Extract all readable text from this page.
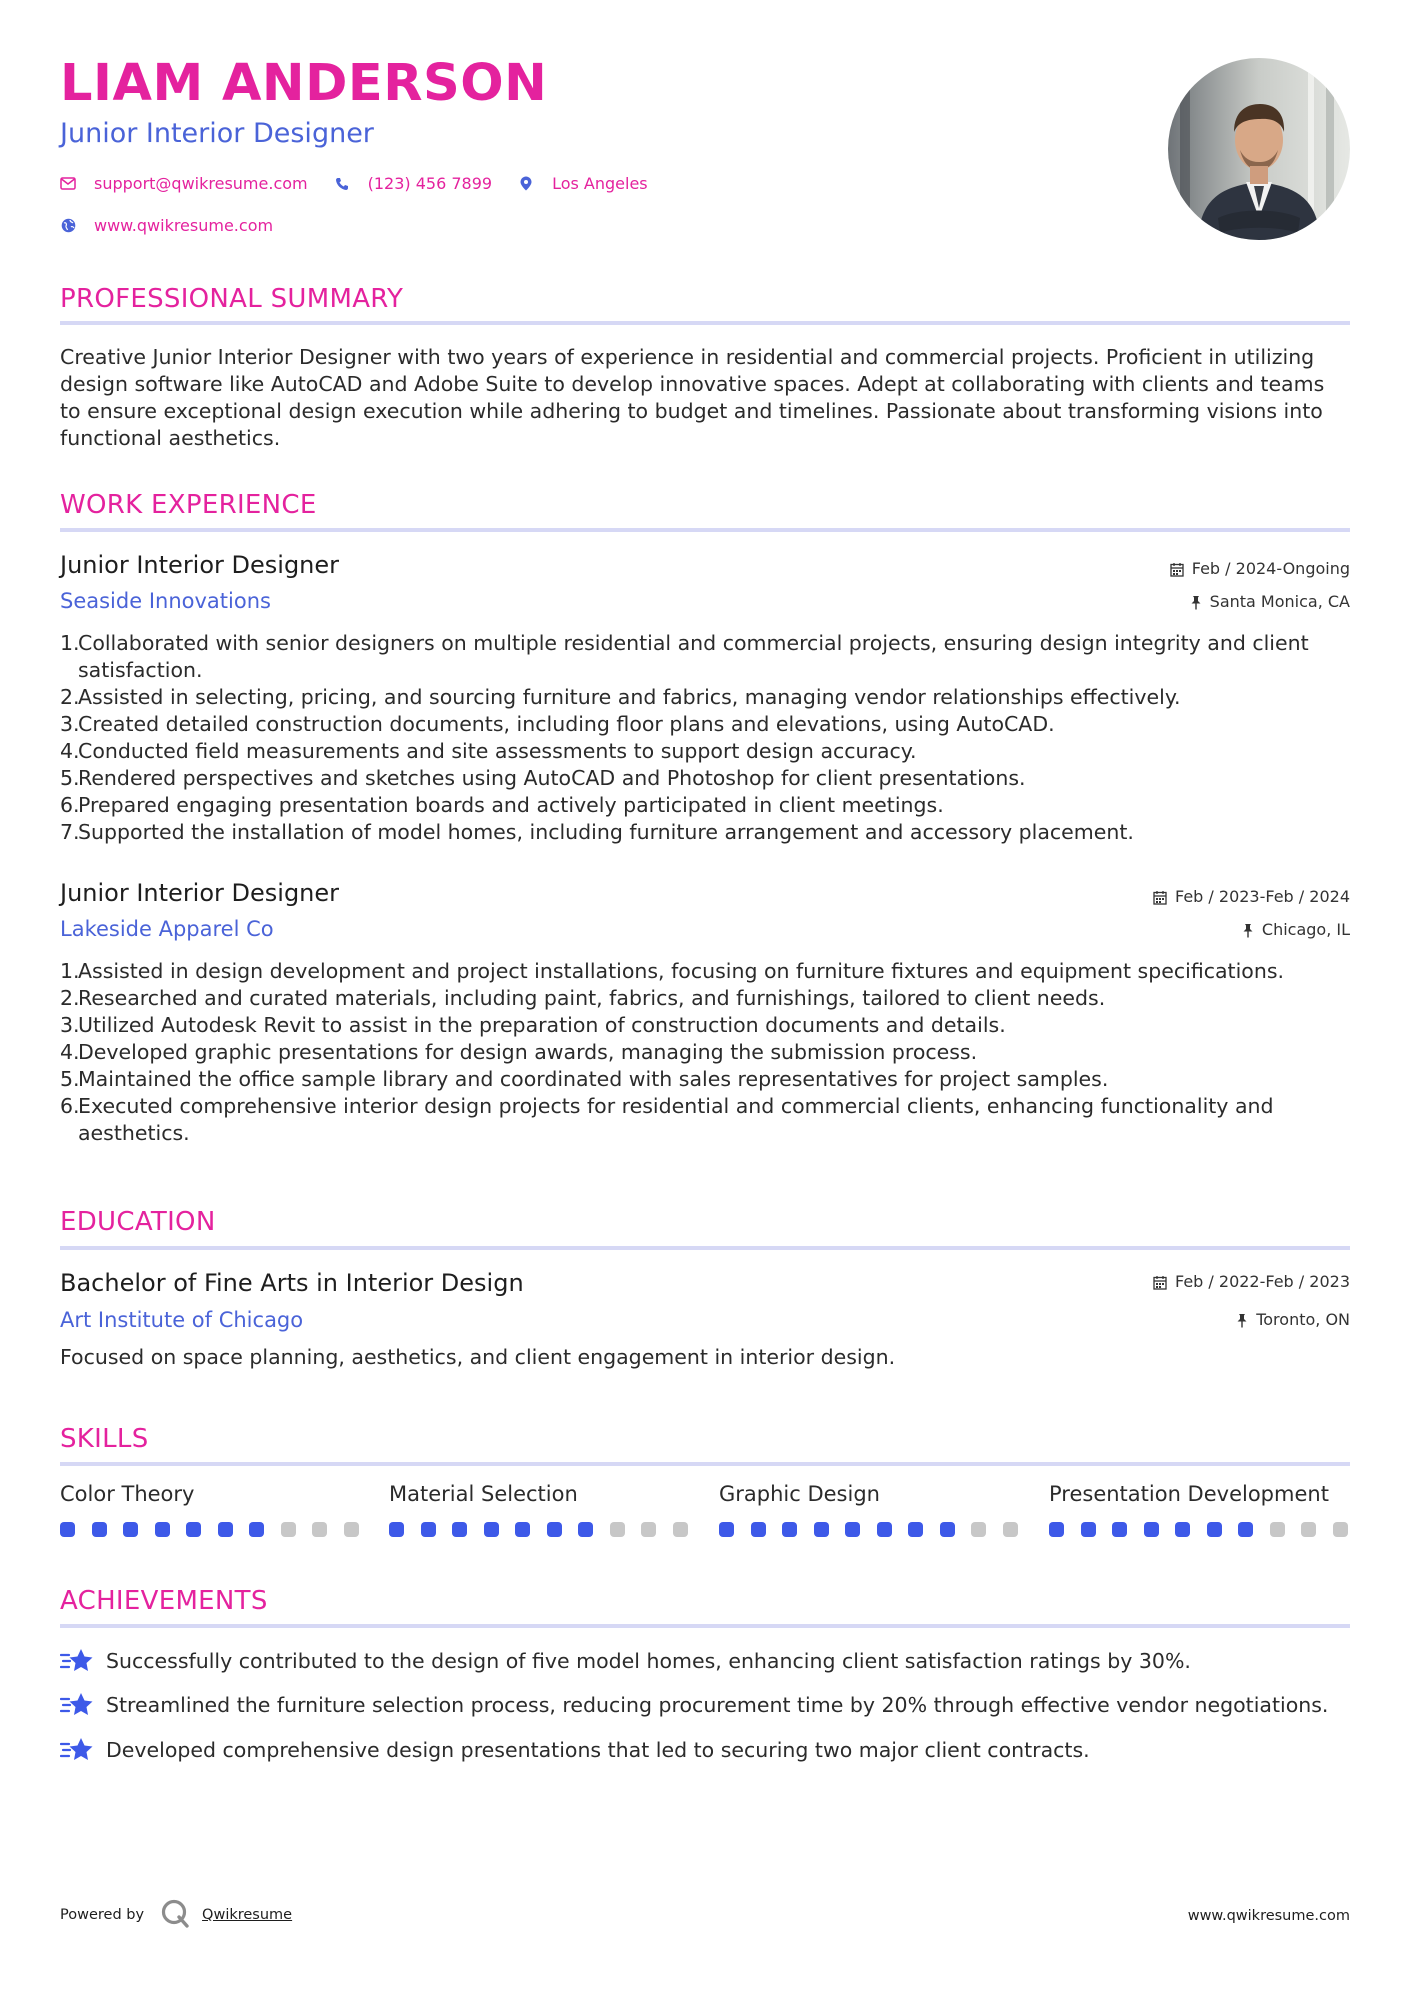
LIAM ANDERSON
Junior Interior Designer
support@qwikresume.com	(123) 456 7899	Los Angeles
www.qwikresume.com
PROFESSIONAL SUMMARY
Creative Junior Interior Designer with two years of experience in residential and commercial projects. Proficient in utilizing design software like AutoCAD and Adobe Suite to develop innovative spaces. Adept at collaborating with clients and teams to ensure exceptional design execution while adhering to budget and timelines. Passionate about transforming visions into functional aesthetics.
WORK EXPERIENCE
Junior Interior Designer	Feb / 2024-Ongoing
Seaside Innovations	Santa Monica, CA
1.
Collaborated with senior designers on multiple residential and commercial projects, ensuring design integrity and client satisfaction.
2.
Assisted in selecting, pricing, and sourcing furniture and fabrics, managing vendor relationships effectively.
3.
Created detailed construction documents, including floor plans and elevations, using AutoCAD.
4.
Conducted field measurements and site assessments to support design accuracy.
5.
Rendered perspectives and sketches using AutoCAD and Photoshop for client presentations.
6.
Prepared engaging presentation boards and actively participated in client meetings.
7.
Supported the installation of model homes, including furniture arrangement and accessory placement.
Junior Interior Designer	Feb / 2023-Feb / 2024
Lakeside Apparel Co	Chicago, IL
1.
Assisted in design development and project installations, focusing on furniture fixtures and equipment specifications.
2.
Researched and curated materials, including paint, fabrics, and furnishings, tailored to client needs.
3.
Utilized Autodesk Revit to assist in the preparation of construction documents and details.
4.
Developed graphic presentations for design awards, managing the submission process.
5.
Maintained the office sample library and coordinated with sales representatives for project samples.
6.
Executed comprehensive interior design projects for residential and commercial clients, enhancing functionality and aesthetics.
EDUCATION
Bachelor of Fine Arts in Interior Design	Feb / 2022-Feb / 2023
Art Institute of Chicago	Toronto, ON
Focused on space planning, aesthetics, and client engagement in interior design.
SKILLS
Color Theory	Material Selection	Graphic Design	Presentation Development
ACHIEVEMENTS
Successfully contributed to the design of five model homes, enhancing client satisfaction ratings by 30%.
Streamlined the furniture selection process, reducing procurement time by 20% through effective vendor negotiations.
Developed comprehensive design presentations that led to securing two major client contracts.
Powered by	Qwikresume	www.qwikresume.com
